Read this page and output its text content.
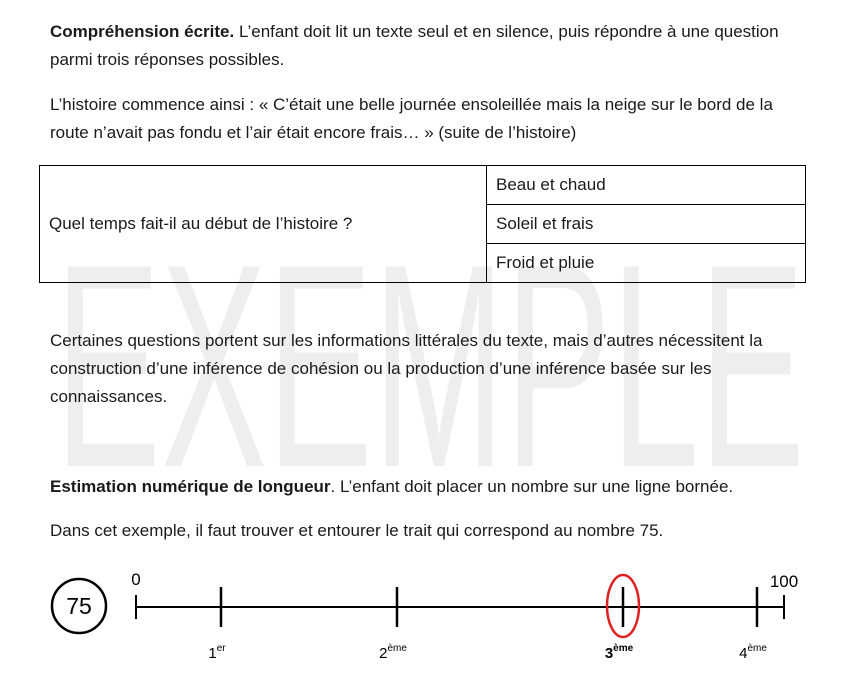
EXEMPLE

Compréhension écrite. L’enfant doit lit un texte seul et en silence, puis répondre à une question parmi trois réponses possibles.

L’histoire commence ainsi : « C’était une belle journée ensoleillée mais la neige sur le bord de la route n’avait pas fondu et l’air était encore frais… » (suite de l’histoire)

Quel temps fait-il au début de l’histoire ?	Beau et chaud
Soleil et frais
Froid et pluie

Certaines questions portent sur les informations littérales du texte, mais d’autres nécessitent la construction d’une inférence de cohésion ou la production d’une inférence basée sur les connaissances.

Estimation numérique de longueur. L’enfant doit placer un nombre sur une ligne bornée.

Dans cet exemple, il faut trouver et entourer le trait qui correspond au nombre 75.

75
0	100
1er	2ème	3ème	4ème
